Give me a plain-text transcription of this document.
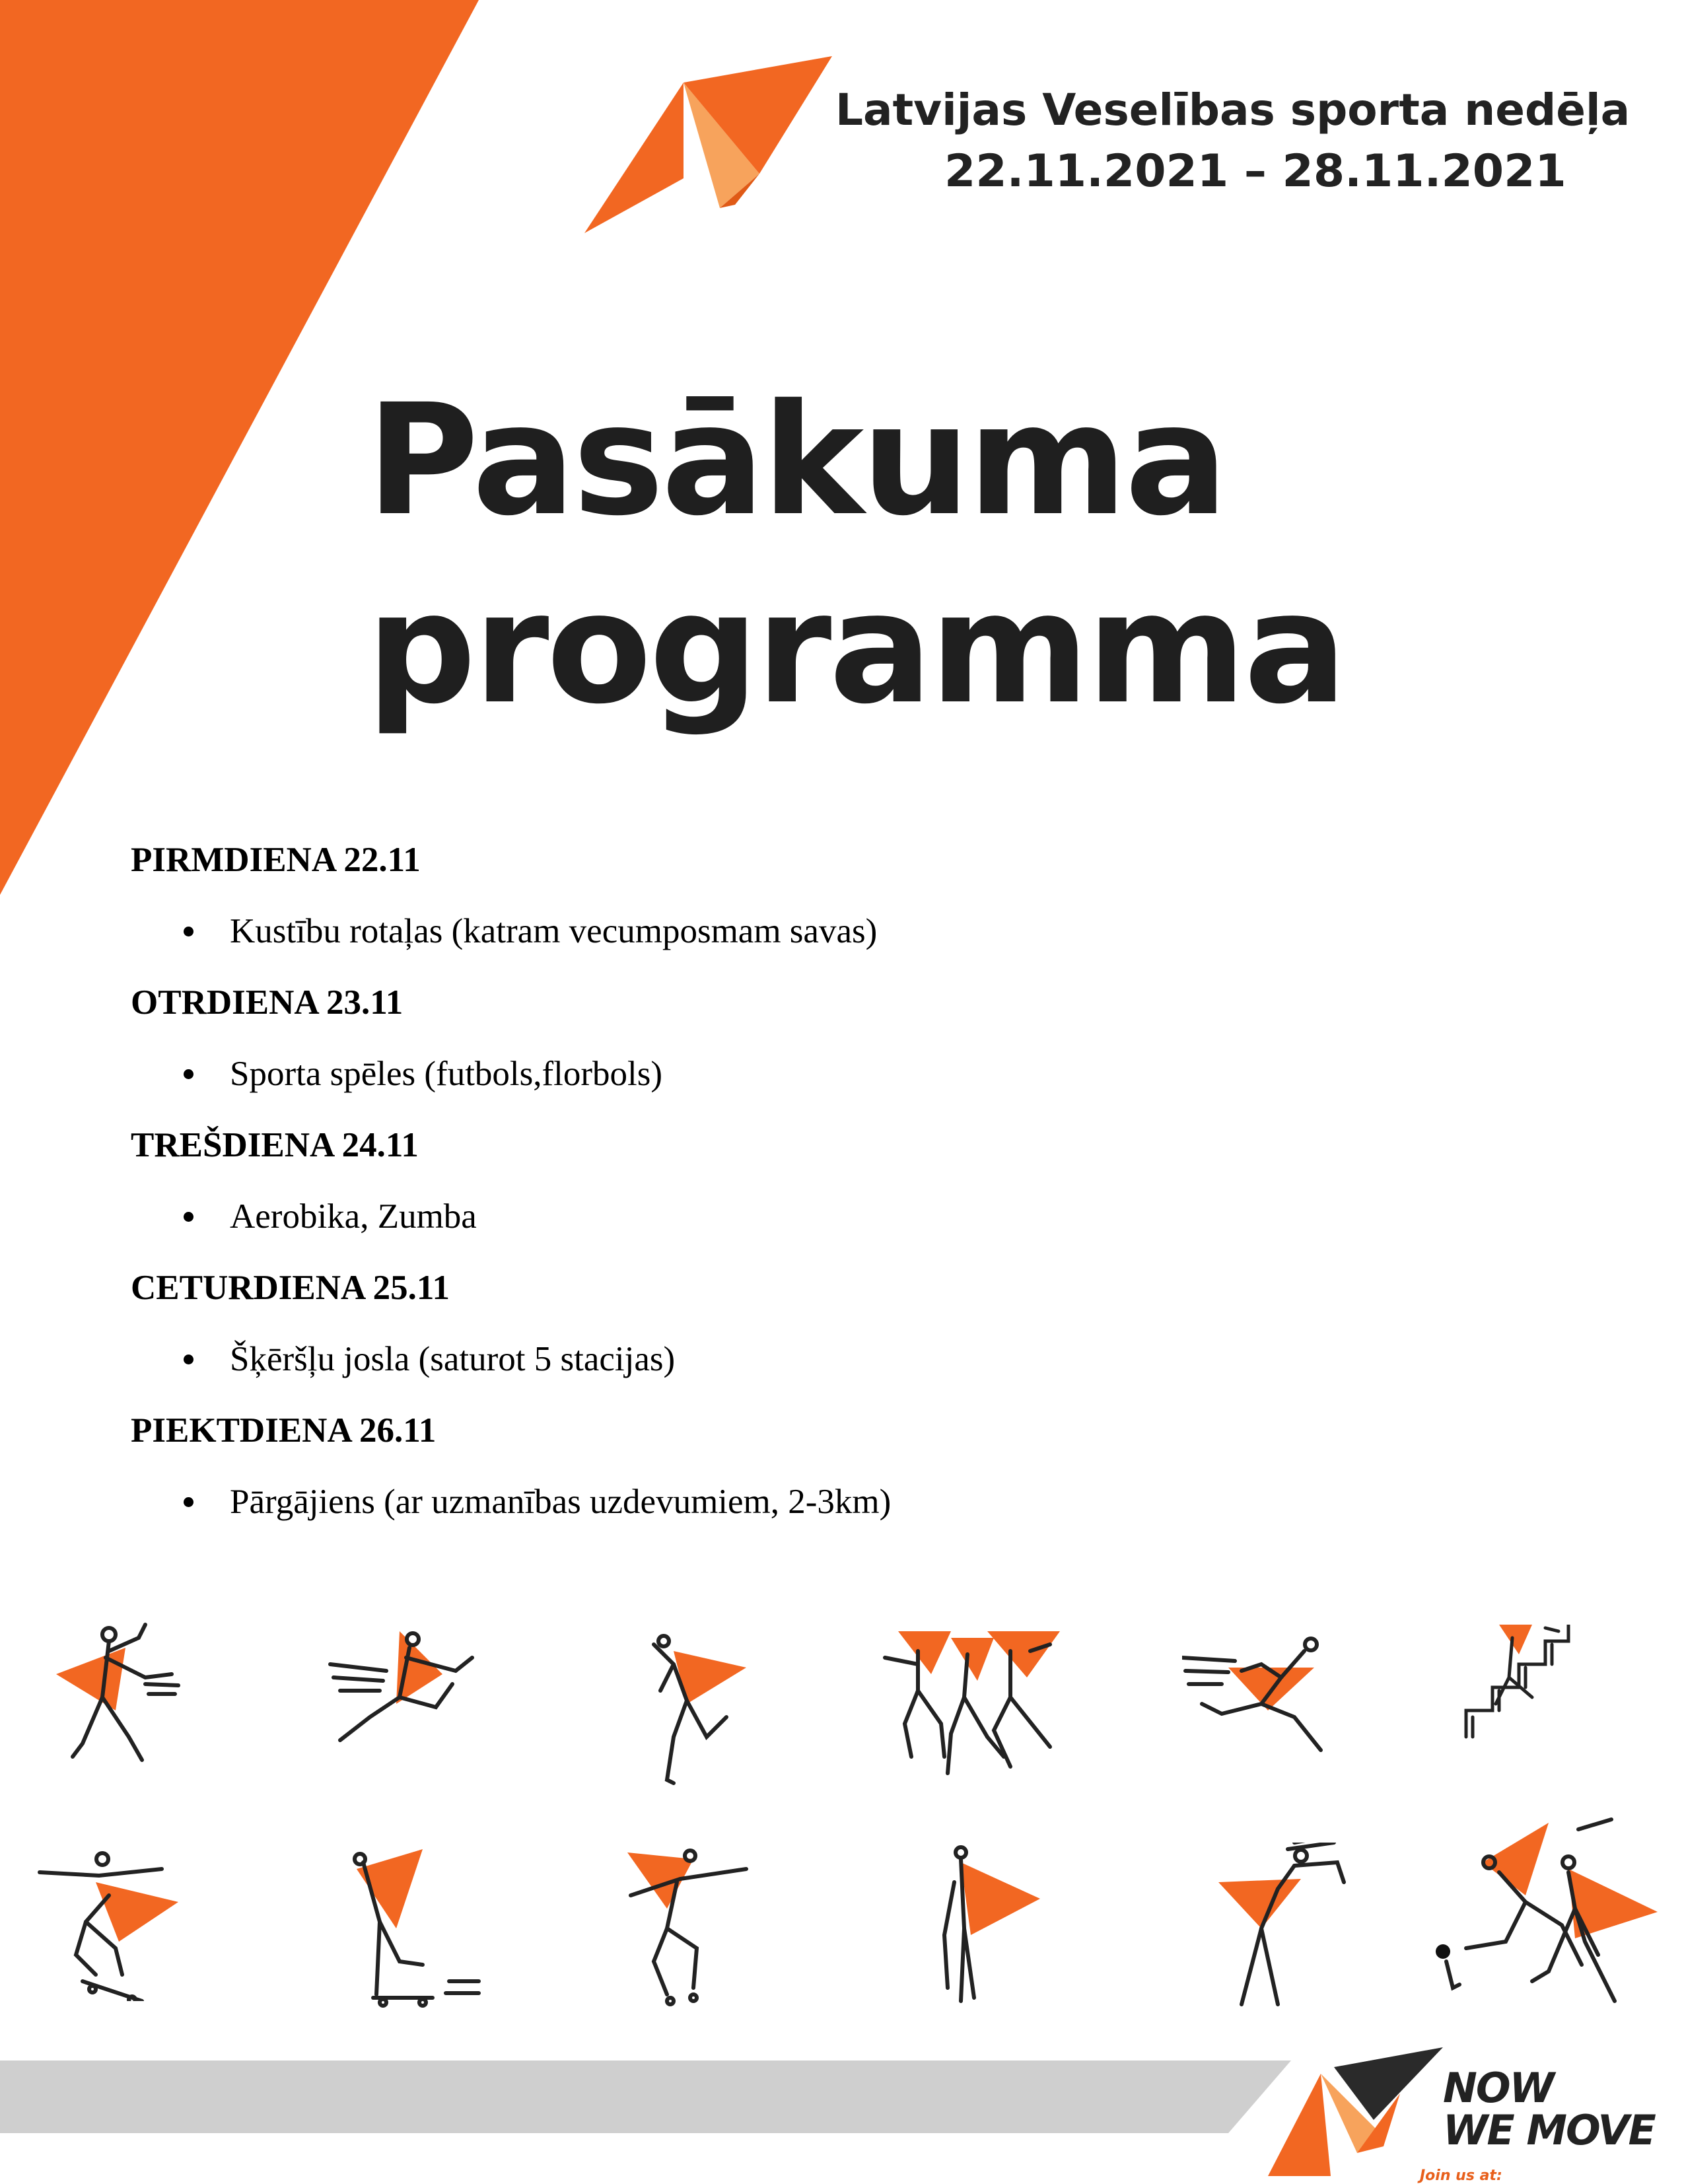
Latvijas Veselības sporta nedēļa
22.11.2021 – 28.11.2021
Pasākuma
programma
PIRMDIENA 22.11
Kustību rotaļas (katram vecumposmam savas)
OTRDIENA 23.11
Sporta spēles (futbols,florbols)
TREŠDIENA 24.11
Aerobika, Zumba
CETURDIENA 25.11
Šķēršļu josla (saturot 5 stacijas)
PIEKTDIENA 26.11
Pārgājiens (ar uzmanības uzdevumiem, 2-3km)
NOW
WE MOVE
Join us at:
